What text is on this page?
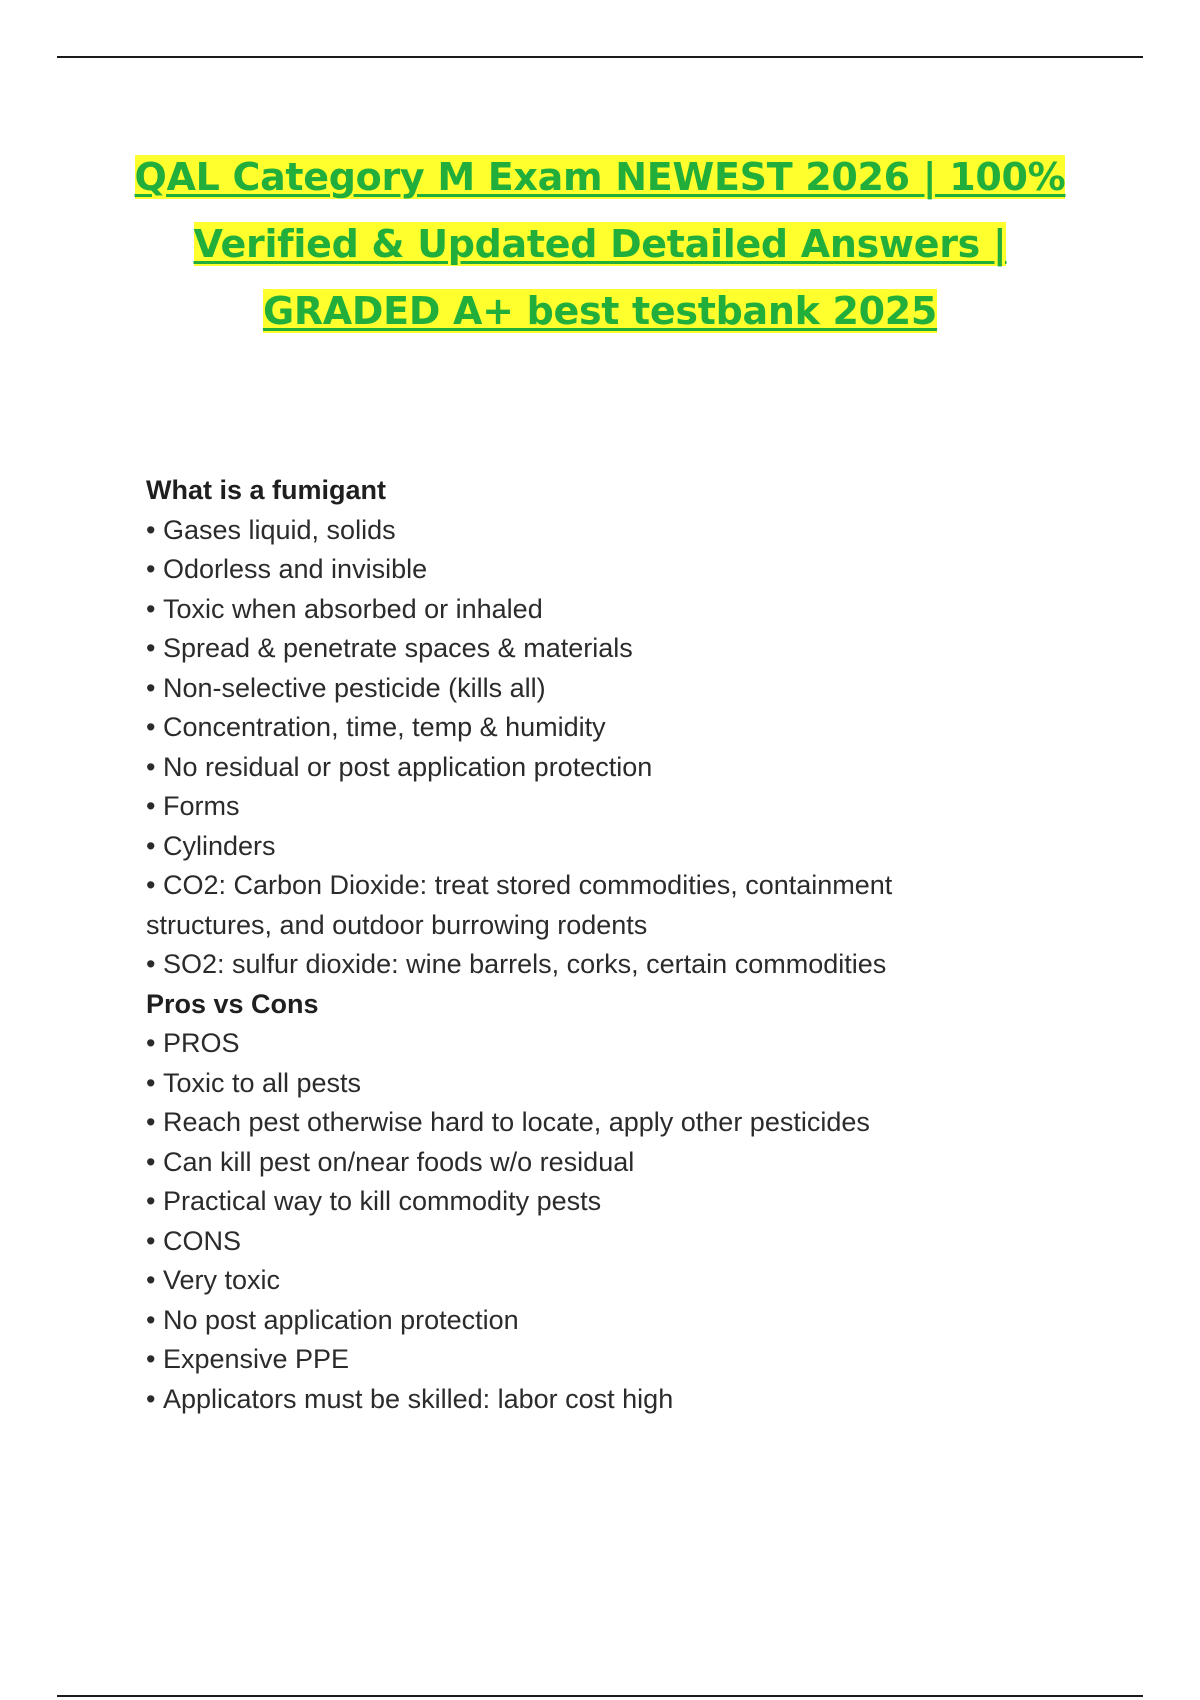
QAL Category M Exam NEWEST 2026 | 100% Verified & Updated Detailed Answers | GRADED A+ best testbank 2025

What is a fumigant

• Gases liquid, solids

• Odorless and invisible

• Toxic when absorbed or inhaled

• Spread & penetrate spaces & materials

• Non-selective pesticide (kills all)

• Concentration, time, temp & humidity

• No residual or post application protection

• Forms

• Cylinders

• CO2: Carbon Dioxide: treat stored commodities, containment

structures, and outdoor burrowing rodents

• SO2: sulfur dioxide: wine barrels, corks, certain commodities

Pros vs Cons

• PROS

• Toxic to all pests

• Reach pest otherwise hard to locate, apply other pesticides

• Can kill pest on/near foods w/o residual

• Practical way to kill commodity pests

• CONS

• Very toxic

• No post application protection

• Expensive PPE

• Applicators must be skilled: labor cost high
